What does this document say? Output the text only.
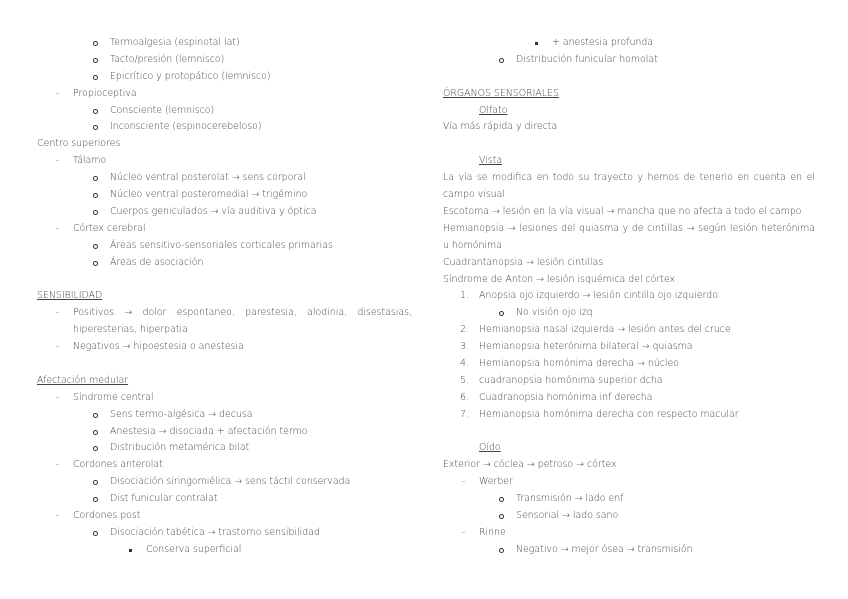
Termoalgesia (espinotal lat)
Tacto/presión (lemnisco)
Epicrítico y protopático (lemnisco)
- Propioceptiva
Consciente (lemnisco)
Inconsciente (espinocerebeloso)
Centro superiores
- Tálamo
Núcleo ventral posterolat → sens corporal
Núcleo ventral posteromedial → trigémino
Cuerpos geniculados → vía auditiva y óptica
- Córtex cerebral
Áreas sensitivo-sensoriales corticales primarias
Áreas de asociación
SENSIBILIDAD
- Positivos → dolor espontaneo, parestesia, alodinia, disestasias, hiperesterias, hiperpatia
- Negativos → hipoestesia o anestesia
Afectación medular
- Síndrome central
Sens termo-algésica → decusa
Anestesia → disociada + afectación termo
Distribución metamérica bilat
- Cordones anterolat
Disociación siringomiélica → sens táctil conservada
Dist funicular contralat
- Cordones post
Disociación tabética → trastorno sensibilidad
Conserva superficial
+ anestesia profunda
Distribución funicular homolat
ÓRGANOS SENSORIALES
Olfato
Vía más rápida y directa
Vista
La vía se modifica en todo su trayecto y hemos de tenerio en cuenta en el campo visual
Escotoma → lesión en la vía visual → mancha que no afecta a todo el campo
Hemianopsia → lesiones del quiasma y de cintillas → según lesión heterónima u homónima
Cuadrantanopsia → lesión cintillas
Síndrome de Anton → lesión isquémica del córtex
1. Anopsia ojo izquierdo → lesión cintilla ojo izquierdo
No visión ojo izq
2. Hemianopsia nasal izquierda → lesión antes del cruce
3. Hemianopsia heterónima bilateral → quiasma
4. Hemianopsia homónima derecha → núcleo
5. cuadranopsia homónima superior dcha
6. Cuadranopsia homónima inf derecha
7. Hemianopsia homónima derecha con respecto macular
Oído
Exterior → cóclea → petroso → córtex
- Werber
Transmisión → lado enf
Sensorial → lado sano
- Rinne
Negativo → mejor ósea → transmisión
